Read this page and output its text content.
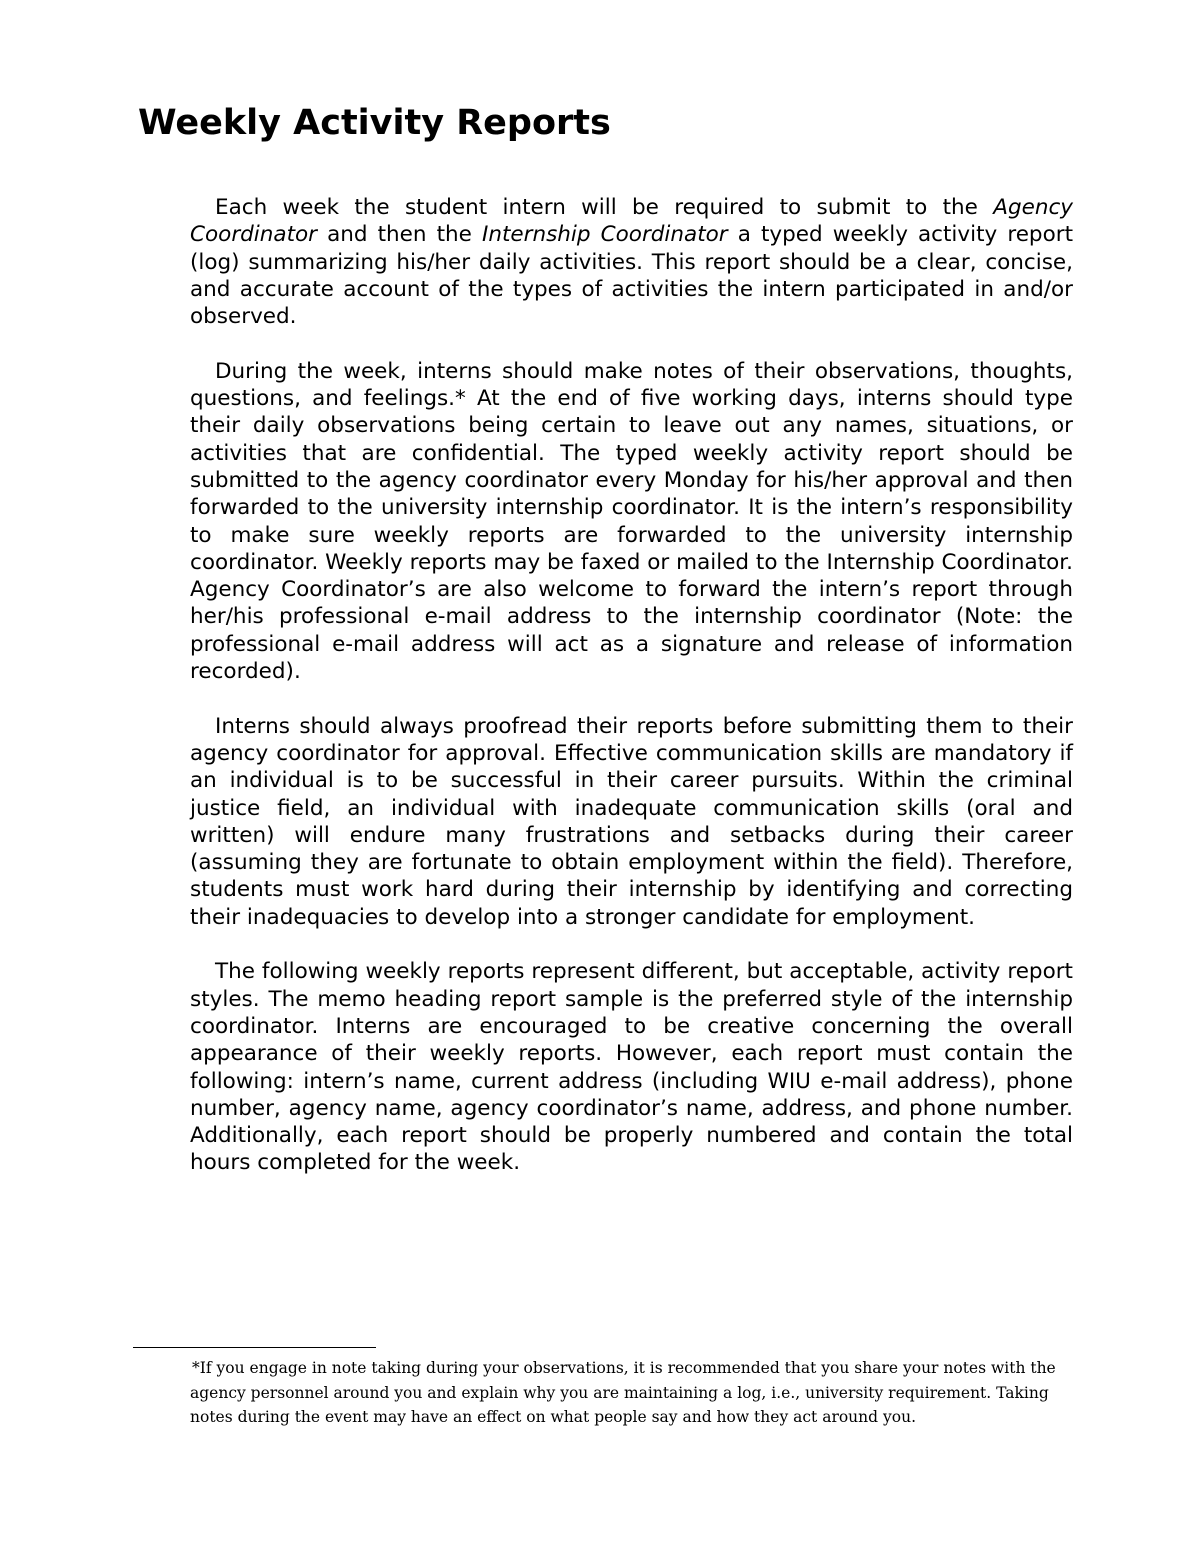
Weekly Activity Reports

Each week the student intern will be required to submit to the Agency Coordinator and then the Internship Coordinator a typed weekly activity report (log) summarizing his/her daily activities. This report should be a clear, concise, and accurate account of the types of activities the intern participated in and/or observed.

During the week, interns should make notes of their observations, thoughts, questions, and feelings.* At the end of five working days, interns should type their daily observations being certain to leave out any names, situations, or activities that are confidential. The typed weekly activity report should be submitted to the agency coordinator every Monday for his/her approval and then forwarded to the university internship coordinator. It is the intern’s responsibility to make sure weekly reports are forwarded to the university internship coordinator. Weekly reports may be faxed or mailed to the Internship Coordinator. Agency Coordinator’s are also welcome to forward the intern’s report through her/his professional e-mail address to the internship coordinator (Note: the professional e-mail address will act as a signature and release of information recorded).

Interns should always proofread their reports before submitting them to their agency coordinator for approval. Effective communication skills are mandatory if an individual is to be successful in their career pursuits. Within the criminal justice field, an individual with inadequate communication skills (oral and written) will endure many frustrations and setbacks during their career (assuming they are fortunate to obtain employment within the field). Therefore, students must work hard during their internship by identifying and correcting their inadequacies to develop into a stronger candidate for employment.

The following weekly reports represent different, but acceptable, activity report styles. The memo heading report sample is the preferred style of the internship coordinator. Interns are encouraged to be creative concerning the overall appearance of their weekly reports. However, each report must contain the following: intern’s name, current address (including WIU e-mail address), phone number, agency name, agency coordinator’s name, address, and phone number. Additionally, each report should be properly numbered and contain the total hours completed for the week.

*If you engage in note taking during your observations, it is recommended that you share your notes with the agency personnel around you and explain why you are maintaining a log, i.e., university requirement. Taking notes during the event may have an effect on what people say and how they act around you.
